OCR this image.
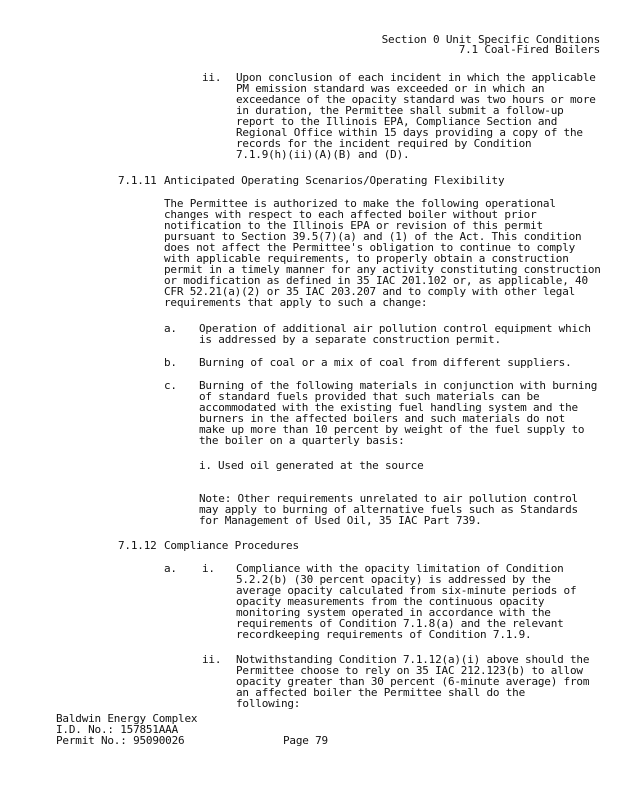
Section 0 Unit Specific Conditions
7.1 Coal-Fired Boilers
ii. Upon conclusion of each incident in which the applicable
PM emission standard was exceeded or in which an
exceedance of the opacity standard was two hours or more
in duration, the Permittee shall submit a follow-up
report to the Illinois EPA, Compliance Section and
Regional Office within 15 days providing a copy of the
records for the incident required by Condition
7.1.9(h)(ii)(A)(B) and (D).
7.1.11 Anticipated Operating Scenarios/Operating Flexibility
The Permittee is authorized to make the following operational
changes with respect to each affected boiler without prior
notification to the Illinois EPA or revision of this permit
pursuant to Section 39.5(7)(a) and (1) of the Act. This condition
does not affect the Permittee's obligation to continue to comply
with applicable requirements, to properly obtain a construction
permit in a timely manner for any activity constituting construction
or modification as defined in 35 IAC 201.102 or, as applicable, 40
CFR 52.21(a)(2) or 35 IAC 203.207 and to comply with other legal
requirements that apply to such a change:
a. Operation of additional air pollution control equipment which
is addressed by a separate construction permit.
b. Burning of coal or a mix of coal from different suppliers.
c. Burning of the following materials in conjunction with burning
of standard fuels provided that such materials can be
accommodated with the existing fuel handling system and the
burners in the affected boilers and such materials do not
make up more than 10 percent by weight of the fuel supply to
the boiler on a quarterly basis:
i. Used oil generated at the source
Note: Other requirements unrelated to air pollution control
may apply to burning of alternative fuels such as Standards
for Management of Used Oil, 35 IAC Part 739.
7.1.12 Compliance Procedures
a. i. Compliance with the opacity limitation of Condition
5.2.2(b) (30 percent opacity) is addressed by the
average opacity calculated from six-minute periods of
opacity measurements from the continuous opacity
monitoring system operated in accordance with the
requirements of Condition 7.1.8(a) and the relevant
recordkeeping requirements of Condition 7.1.9.
ii. Notwithstanding Condition 7.1.12(a)(i) above should the
Permittee choose to rely on 35 IAC 212.123(b) to allow
opacity greater than 30 percent (6-minute average) from
an affected boiler the Permittee shall do the
following:
Baldwin Energy Complex
I.D. No.: 157851AAA
Permit No.: 95090026	Page 79
